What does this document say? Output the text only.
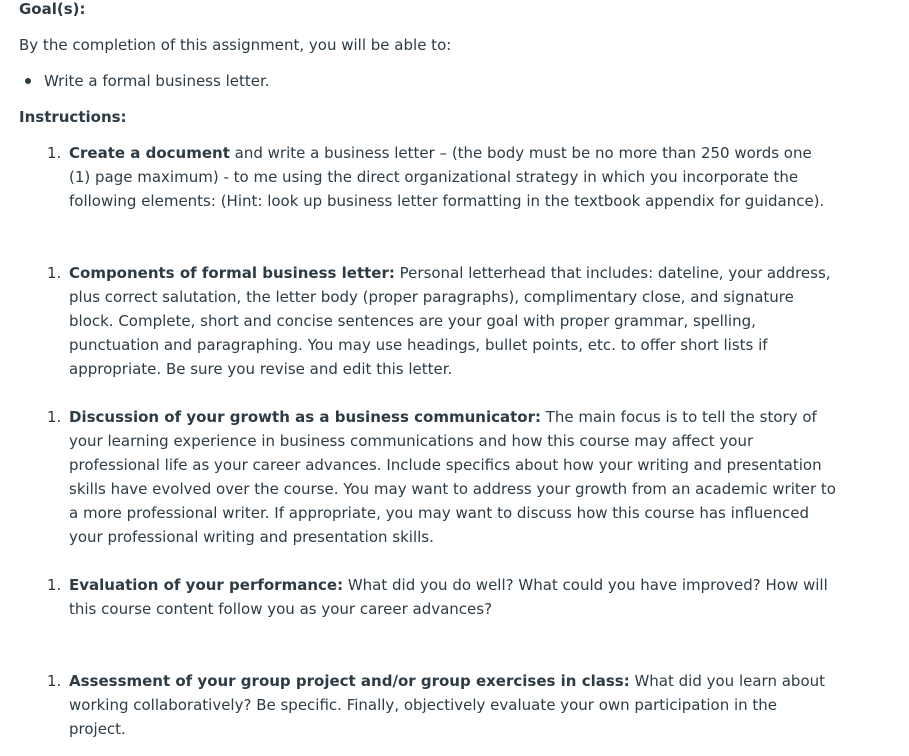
Goal(s):
By the completion of this assignment, you will be able to:
Write a formal business letter.
Instructions:
1. Create a document and write a business letter – (the body must be no more than 250 words one (1) page maximum) - to me using the direct organizational strategy in which you incorporate the following elements: (Hint: look up business letter formatting in the textbook appendix for guidance).
1. Components of formal business letter: Personal letterhead that includes: dateline, your address, plus correct salutation, the letter body (proper paragraphs), complimentary close, and signature block. Complete, short and concise sentences are your goal with proper grammar, spelling, punctuation and paragraphing. You may use headings, bullet points, etc. to offer short lists if appropriate. Be sure you revise and edit this letter.
1. Discussion of your growth as a business communicator: The main focus is to tell the story of your learning experience in business communications and how this course may affect your professional life as your career advances. Include specifics about how your writing and presentation skills have evolved over the course. You may want to address your growth from an academic writer to a more professional writer. If appropriate, you may want to discuss how this course has influenced your professional writing and presentation skills.
1. Evaluation of your performance: What did you do well? What could you have improved? How will this course content follow you as your career advances?
1. Assessment of your group project and/or group exercises in class: What did you learn about working collaboratively? Be specific. Finally, objectively evaluate your own participation in the project.
